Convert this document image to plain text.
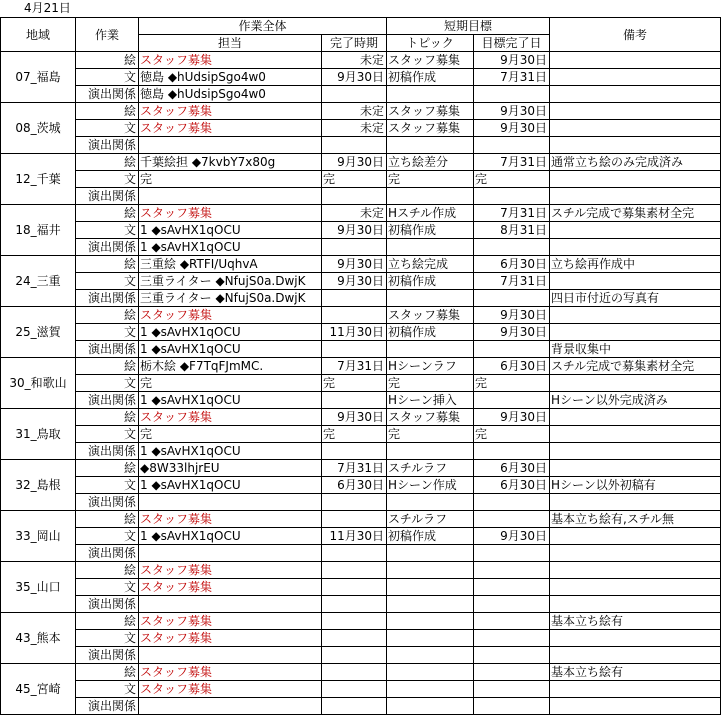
4月21日
地域	作業	作業全体		短期目標		備考
		担当	完了時期	トピック	目標完了日	
07_福島	絵	スタッフ募集	未定	スタッフ募集	9月30日	
	文	徳島 ◆hUdsipSgo4w0	9月30日	初稿作成	7月31日	
	演出関係	徳島 ◆hUdsipSgo4w0				
08_茨城	絵	スタッフ募集	未定	スタッフ募集	9月30日	
	文	スタッフ募集	未定	スタッフ募集	9月30日	
	演出関係					
12_千葉	絵	千葉絵担 ◆7kvbY7x80g	9月30日	立ち絵差分	7月31日	通常立ち絵のみ完成済み
	文	完	完	完	完	
	演出関係					
18_福井	絵	スタッフ募集	未定	Hスチル作成	7月31日	スチル完成で募集素材全完
	文	1 ◆sAvHX1qOCU	9月30日	初稿作成	8月31日	
	演出関係	1 ◆sAvHX1qOCU				
24_三重	絵	三重絵 ◆RTFI/UqhvA	9月30日	立ち絵完成	6月30日	立ち絵再作成中
	文	三重ライター ◆NfujS0a.DwjK	9月30日	初稿作成	7月31日	
	演出関係	三重ライター ◆NfujS0a.DwjK				四日市付近の写真有
25_滋賀	絵	スタッフ募集		スタッフ募集	9月30日	
	文	1 ◆sAvHX1qOCU	11月30日	初稿作成	9月30日	
	演出関係	1 ◆sAvHX1qOCU				背景収集中
30_和歌山	絵	栃木絵 ◆F7TqFJmMC.	7月31日	Hシーンラフ	6月30日	スチル完成で募集素材全完
	文	完	完	完	完	
	演出関係	1 ◆sAvHX1qOCU		Hシーン挿入		Hシーン以外完成済み
31_鳥取	絵	スタッフ募集	9月30日	スタッフ募集	9月30日	
	文	完	完	完	完	
	演出関係	1 ◆sAvHX1qOCU				
32_島根	絵	◆8W33lhjrEU	7月31日	スチルラフ	6月30日	
	文	1 ◆sAvHX1qOCU	6月30日	Hシーン作成	6月30日	Hシーン以外初稿有
	演出関係					
33_岡山	絵	スタッフ募集		スチルラフ		基本立ち絵有,スチル無
	文	1 ◆sAvHX1qOCU	11月30日	初稿作成	9月30日	
	演出関係					
35_山口	絵	スタッフ募集				
	文	スタッフ募集				
	演出関係					
43_熊本	絵	スタッフ募集				基本立ち絵有
	文	スタッフ募集				
	演出関係					
45_宮崎	絵	スタッフ募集				基本立ち絵有
	文	スタッフ募集				
	演出関係					
